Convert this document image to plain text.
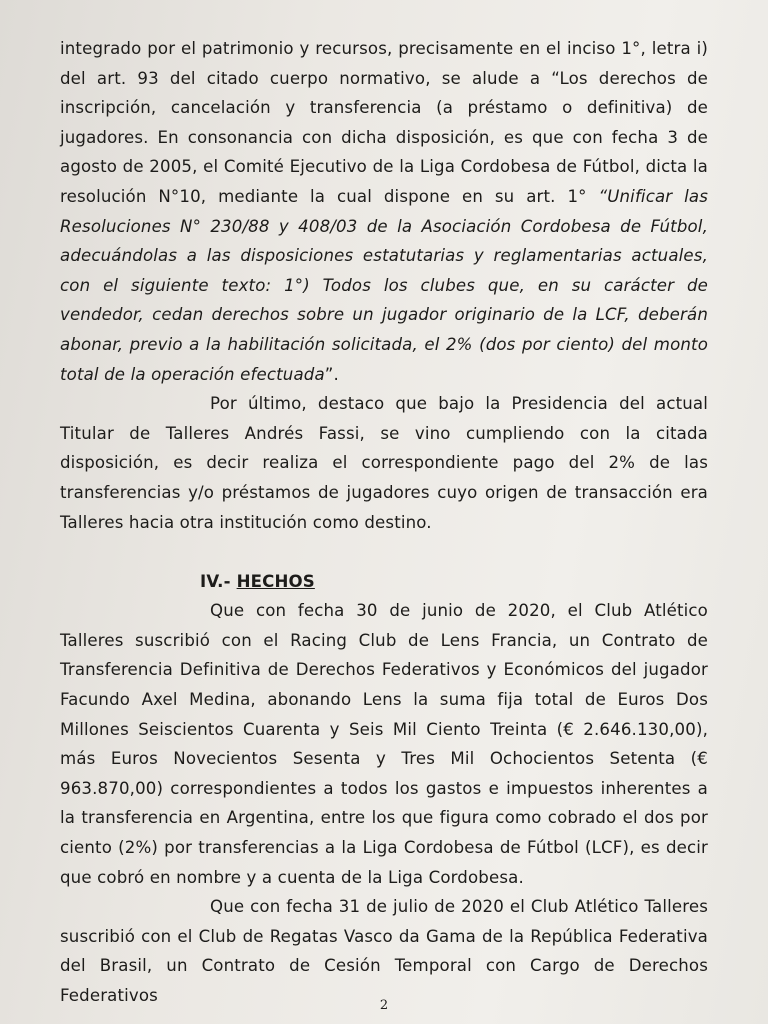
integrado por el patrimonio y recursos, precisamente en el inciso 1°, letra i) del art. 93 del citado cuerpo normativo, se alude a “Los derechos de inscripción, cancelación y transferencia (a préstamo o definitiva) de jugadores. En consonancia con dicha disposición, es que con fecha 3 de agosto de 2005, el Comité Ejecutivo de la Liga Cordobesa de Fútbol, dicta la resolución N°10, mediante la cual dispone en su art. 1° “Unificar las Resoluciones N° 230/88 y 408/03 de la Asociación Cordobesa de Fútbol, adecuándolas a las disposiciones estatutarias y reglamentarias actuales, con el siguiente texto: 1°) Todos los clubes que, en su carácter de vendedor, cedan derechos sobre un jugador originario de la LCF, deberán abonar, previo a la habilitación solicitada, el 2% (dos por ciento) del monto total de la operación efectuada”.

Por último, destaco que bajo la Presidencia del actual Titular de Talleres Andrés Fassi, se vino cumpliendo con la citada disposición, es decir realiza el correspondiente pago del 2% de las transferencias y/o préstamos de jugadores cuyo origen de transacción era Talleres hacia otra institución como destino.

IV.- HECHOS

Que con fecha 30 de junio de 2020, el Club Atlético Talleres suscribió con el Racing Club de Lens Francia, un Contrato de Transferencia Definitiva de Derechos Federativos y Económicos del jugador Facundo Axel Medina, abonando Lens la suma fija total de Euros Dos Millones Seiscientos Cuarenta y Seis Mil Ciento Treinta (€ 2.646.130,00), más Euros Novecientos Sesenta y Tres Mil Ochocientos Setenta (€ 963.870,00) correspondientes a todos los gastos e impuestos inherentes a la transferencia en Argentina, entre los que figura como cobrado el dos por ciento (2%) por transferencias a la Liga Cordobesa de Fútbol (LCF), es decir que cobró en nombre y a cuenta de la Liga Cordobesa.

Que con fecha 31 de julio de 2020 el Club Atlético Talleres suscribió con el Club de Regatas Vasco da Gama de la República Federativa del Brasil, un Contrato de Cesión Temporal con Cargo de Derechos Federativos

2
